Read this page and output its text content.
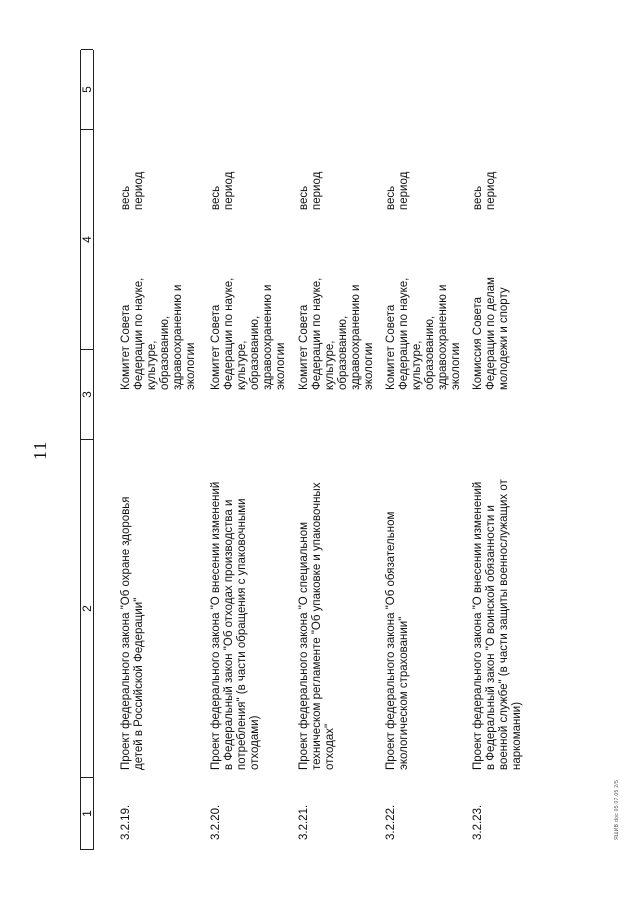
11
1
2
3
4
5
3.2.19.
Проект федерального закона "Об охране здоровья детей в Российской Федерации"
Комитет Совета Федерации по науке, культуре, образованию, здравоохранению и экологии
весь период
3.2.20.
Проект федерального закона "О внесении изменений в Федеральный закон "Об отходах производства и потребления" (в части обращения с упаковочными отходами)
Комитет Совета Федерации по науке, культуре, образованию, здравоохранению и экологии
весь период
3.2.21.
Проект федерального закона "О специальном техническом регламенте "Об упаковке и упаковочных отходах"
Комитет Совета Федерации по науке, культуре, образованию, здравоохранению и экологии
весь период
3.2.22.
Проект федерального закона "Об обязательном экологическом страховании"
Комитет Совета Федерации по науке, культуре, образованию, здравоохранению и экологии
весь период
3.2.23.
Проект федерального закона "О внесении изменений в Федеральный закон "О воинской обязанности и военной службе" (в части защиты военнослужащих от наркомании)
Комиссия Совета Федерации по делам молодежи и спорту
весь период
ЯШИВ.doc 05.07.05 2/5
